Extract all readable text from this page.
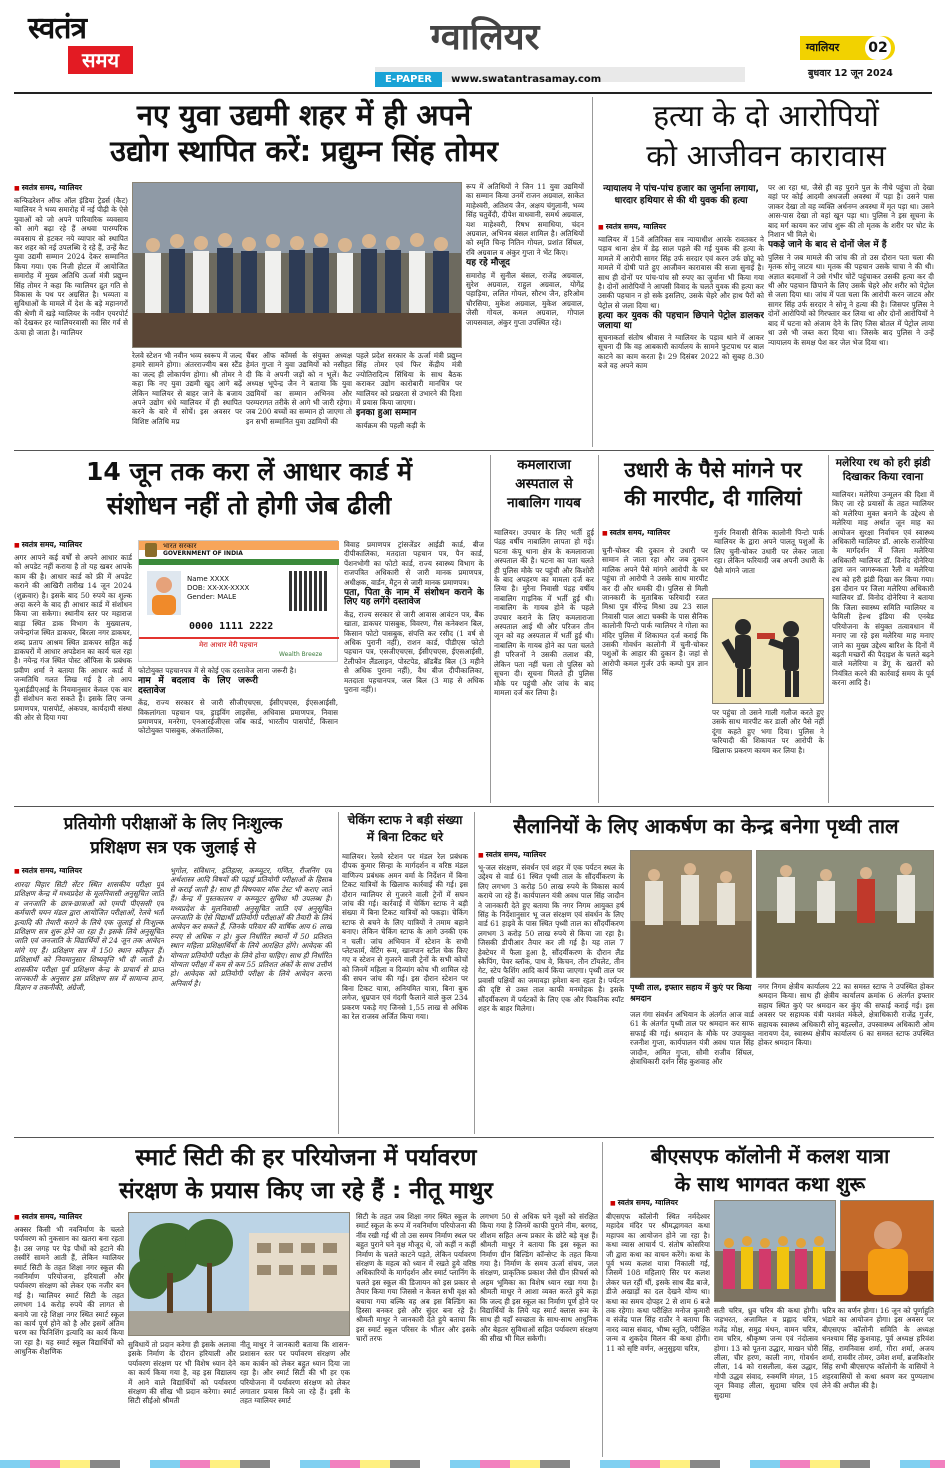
स्वतंत्र
समय
ग्वालियर
E-PAPER www.swatantrasamay.com
ग्वालियर 02
बुधवार 12 जून 2024
नए युवा उद्यमी शहर में ही अपने
उद्योग स्थापित करें: प्रद्युम्न सिंह तोमर
■ स्वतंत्र समय, ग्वालियर
कन्फिडरेशन ऑफ ऑल इंडिया ट्रेडर्स (कैट) ग्वालियर ने भव्य समारोह में नई पीढ़ी के ऐसे युवाओं को जो अपने पारिवारिक व्यवसाय को आगे बढ़ा रहे हैं अथवा पारम्परिक व्यवसाय से हटकर नये व्यापार को स्थापित कर शहर को नई उपलब्धि दे रहे हैं, उन्हें कैट युवा उद्यमी सम्मान 2024 देकर सम्मानित किया गया। एक निजी होटल में आयोजित समारोह में मुख्य अतिथि ऊर्जा मंत्री प्रद्युम्न सिंह तोमर ने कहा कि ग्वालियर द्रुत गति से विकास के पथ पर अग्रसित है। भव्यता व सुविधाओं के मामले में देश के बड़े महानगरों की श्रेणी में खड़े ग्वालियर के नवीन एयरपोर्ट को देखकर हर ग्वालियरवासी का सिर गर्व से ऊंचा हो जाता है। ग्वालियर
रेलवे स्टेशन भी नवीन भव्य स्वरूप में जल्द हमारे सामने होगा। अंतरराज्यीय बस स्टैंड का जल्द ही लोकार्पण होगा। श्री तोमर ने कहा कि नए युवा उद्यमी खुद आगे बढ़ें लेकिन ग्वालियर से बाहर जाने के बजाय अपने उद्योग धंधे ग्वालियर में ही स्थापित करने के बारे में सोचें। इस अवसर पर विशिष्ट अतिथि मप्र
चैंबर ऑफ कॉमर्स के संयुक्त अध्यक्ष हेमंत गुप्ता ने युवा उद्यमियों को नसीहत दी कि वे अपनी जड़ों को न भूलें। कैट अध्यक्ष भूपेन्द्र जैन ने बताया कि युवा उद्यमियों का सम्मान अभिनव और परम्परागत तरीके से आगे भी जारी रहेगा। जब 200 बच्चों का सम्मान हो जाएगा तो इन सभी सम्मानित युवा उद्यमियों की

पहले प्रदेश सरकार के ऊर्जा मंत्री प्रद्युम्न सिंह तोमर एवं फिर केंद्रीय मंत्री ज्योतिरादित्य सिंधिया के साथ बैठक कराकर उद्योग कारोबारी मानचित्र पर ग्वालियर को प्रखरता से उभारने की दिशा में प्रयास किया जाएगा।

इनका हुआ सम्मान

कार्यक्रम की पहली कड़ी के

रूप में अतिथियों ने जिन 11 युवा उद्यमियों का सम्मान किया उनमें राजन अग्रवाल, साकेत माहेश्वरी, अतिशय जैन, अक्षय चंगुलानी, भव्य सिंह चतुर्वेदी, दीपेश वाधवानी, समर्थ अग्रवाल, यश माहेश्वरी, रिषभ समाधिया, चंदन अग्रवाल, अभिनव बंसल शामिल है। अतिथियों को स्मृति चिन्ह नितिन गोयल, प्रशांत सिंघल, रवि अग्रवाल व अंकुर गुप्ता ने भेंट किए।

यह रहे मौजूद

समारोह में सुनील बंसल, राजेंद्र अग्रवाल, सुरेश अग्रवाल, राहुल अग्रवाल, योगेंद्र पहाड़िया, ललित गोयल, सौरभ जैन, हरिओम चौरसिया, मुकेश अग्रवाल, मुकेश अग्रवाल, जेसी गोयल, कमल अग्रवाल, गोपाल जायसवाल, अंकुर गुप्ता उपस्थित रहे।

हत्या के दो आरोपियों
को आजीवन कारावास
न्यायालय ने पांच-पांच हजार का जुर्माना लगाया, धारदार हथियार से की थी युवक की हत्या
■ स्वतंत्र समय, ग्वालियर

ग्वालियर में 15वें अतिरिक्त सत्र न्यायाधीश आरके रावतकर ने पड़ाव थाना क्षेत्र में डेढ़ साल पहले की गई युवक की हत्या के मामले में आरोपी सागर सिंह उर्फ सरदार एवं करन उर्फ छोटू को मामले में दोषी पाते हुए आजीवन कारावास की सजा सुनाई है। साथ ही दोनों पर पांच-पांच सौ रुपए का जुर्माना भी किया गया है। दोनों आरोपियों ने आपसी विवाद के चलते युवक की हत्या कर उसकी पहचान न हो सके इसलिए, उसके चेहरे और हाथ पैरों को पेट्रोल से जला दिया था।

हत्या कर युवक की पहचान छिपाने पेट्रोल डालकर जलाया था

सूचनाकर्ता संतोष श्रीवास ने ग्वालियर के पड़ाव थाने में आकर सूचना दी कि वह आबकारी कार्यालय के सामने फुटपाथ पर बाल काटने का काम करता है। 29 दिसंबर 2022 को सुबह 8.30 बजे वह अपने काम

पर आ रहा था, जैसे ही वह पुराने पुल के नीचे पहुंचा तो देखा वहां पर कोई आदमी अधजली अवस्था में पड़ा है। उसने पास जाकर देखा तो वह व्यक्ति अर्धनग्न अवस्था में मृत पड़ा था। उसने आस-पास देखा तो वहां खून पड़ा था। पुलिस ने इस सूचना के बाद मर्ग कायम कर जांच शुरू की तो मृतक के शरीर पर चोट के निशान भी मिले थे।

पकड़े जाने के बाद से दोनों जेल में हैं

पुलिस ने जब मामले की जांच की तो उस दौरान पता चला की मृतक सोनू जाटव था। मृतक की पहचान उसके चाचा ने की थी। अज्ञात बदमाशों ने उसे गंभीर चोटें पहुंचाकर उसकी हत्या कर दी थी और पहचान छिपाने के लिए उसके चेहरे और शरीर को पेट्रोल से जला दिया था। जांच में पता चला कि आरोपी करन जाटव और सागर सिंह उर्फ सरदार ने सोनू ने हत्या की है। जिसपर पुलिस ने दोनों आरोपियों को गिरफ्तार कर लिया था और दोनों आरोपियों ने बाद में घटना को अंजाम देने के लिए जिस बोतल में पेट्रोल लाया था उसे भी जब्त करा दिया था। जिसके बाद पुलिस ने उन्हें न्यायालय के समक्ष पेश कर जेल भेज दिया था।

14 जून तक करा लें आधार कार्ड में
संशोधन नहीं तो होगी जेब ढीली
■ स्वतंत्र समय, ग्वालियर
अगर आपने कई वर्षों से अपने आधार कार्ड को अपडेट नहीं कराया है तो यह खबर आपके काम की है। आधार कार्ड को फ्री में अपडेट कराने की आखिरी तारीख 14 जून 2024 (शुक्रवार) है। इसके बाद 50 रुपये का शुल्क अदा करने के बाद ही आधार कार्ड में संशोधन किया जा सकेगा। स्थानीय स्तर पर महाराज बाड़ा स्थित डाक विभाग के मुख्यालय, जयेन्द्रगंज स्थित डाकघर, बिरला नगर डाकघर, शब्द प्रताप आश्रम स्थित डाकघर सहित कई डाकघरों में आधार अपडेशन का कार्य चल रहा है। नयेन्द्र गंज स्थित पोस्ट ऑफिस के प्रबंधक प्रवीण शर्मा ने बताया कि आधार कार्ड में जन्मतिथि गलत लिख गई है तो आप यूआईडीएआई के नियमानुसार केवल एक बार ही संशोधन करा सकते हैं। इसके लिए जन्म प्रमाणपत्र, पासपोर्ट, अंकपत्र, कार्यदायी संस्था की ओर से दिया गया
भारत सरकार
GOVERNMENT OF INDIA
Name XXXX
DOB: XX-XX-XXXX
Gender: MALE
0000 1111 2222
मेरा आधार मेरी पहचान
Wealth Breeze

फोटोयुक्त पहचानपत्र में से कोई एक दस्तावेज लाना जरूरी है।

नाम में बदलाव के लिए जरूरी दस्तावेज

केंद्र, राज्य सरकार से जारी सीजीएचएस, ईसीएचएस, ईएसआईसी, विकलांगता पहचान पत्र, ड्राइविंग लाइसेंस, अधिवास प्रमाणपत्र, निवास प्रमाणपत्र, मनरेगा, एनआरईजीएस जॉब कार्ड, भारतीय पासपोर्ट, किसान फोटोयुक्त पासबुक, अंकतालिका,

विवाह प्रमाणपत्र ट्रांसजेंडर आईडी कार्ड, बीज दीपीकालिका, मतदाता पहचान पत्र, पैन कार्ड, पेंशनभोगी का फोटो कार्ड, राज्य स्वास्थ्य विभाग के राजपत्रित अधिकारी से जारी मानक प्रमाणपत्र, अधीक्षक, वार्डन, मैट्रन से जारी मानक प्रमाणपत्र।

पता, पिता के नाम में संशोधन कराने के लिए यह लगेंगे दस्तावेज

केंद्र, राज्य सरकार से जारी आवास आवंटन पत्र, बैंक खाता, डाकघर पासबुक, विवरण, गैस कनेक्शन बिल, किसान फोटो पासबुक, संपत्ति कर रसीद (1 वर्ष से अधिक पुरानी नहीं), राशन कार्ड, पीडीएस फोटो पहचान पत्र, एसजीएचएस, ईसीएचएस, ईएसआईसी, टेलीफोन लैंडलाइन, पोस्टपेड, ब्रॉडबैंड बिल (3 महीने से अधिक पुराना नहीं), वैध बीज दीपीकालिका, मतदाता पहचानपत्र, जल बिल (3 माह से अधिक पुराना नहीं)।

कमलाराजा अस्पताल से नाबालिग गायब
ग्वालियर। उपचार के लिए भर्ती हुई पंद्रह वर्षीय नाबालिग लापता हो गई। घटना कंपू थाना क्षेत्र के कमलाराजा अस्पताल की है। घटना का पता चलते ही पुलिस मौके पर पहुंची और किशोरी के बाद अपहरण का मामला दर्ज कर लिया है। मुरैना निवासी पंद्रह वर्षीय नाबालिग गाइनिक में भर्ती हुई थी। नाबालिग के गायब होने के पहले उपचार कराने के लिए कमलाराजा अस्पताल आई थी और परिजन तीन जून को वह अस्पताल में भर्ती हुई थी। नाबालिग के गायब होने का पता चलते ही परिजनों ने उसकी तलाश की, लेकिन पता नहीं चला तो पुलिस को सूचना दी। सूचना मिलते ही पुलिस मौके पर पहुंची और जांच के बाद मामला दर्ज कर लिया है।
उधारी के पैसे मांगने पर
की मारपीट, दी गालियां
■ स्वतंत्र समय, ग्वालियर	गुर्जर निवासी सैनिक कालोनी पिन्टो पार्क ग्वालियर के द्वारा अपने पालतू पशुओं के लिए चुनी-चोकर उधारी पर लेकर जाता रहा। लेकिन फरियादी जब अपनी उधारी के पैसे मांगने जाता
चुनी-चोकर की दुकान से उधारी पर सामान ले जाता रहा और जब दुकान मालिक अपने पैसे मांगने आरोपी के घर पहुंचा तो आरोपी ने उसके साथ मारपीट कर दी और धमकी दी। पुलिस से मिली जानकारी के मुताबिक फरियादी रजत मिश्रा पुत्र वीरेन्द्र मिश्रा उम्र 23 साल निवासी पाल आटा चक्की के पास सैनिक कालोनी पिन्टो पार्क ग्वालियर ने गोला का मंदिर पुलिस में शिकायत दर्ज कराई कि उसकी गोवर्धन कालोनी में चुनी-चोकर पशुओं के आहार की दुकान है। जहां से आरोपी कमल गुर्जर उर्फ कम्पो पुत्र ज्ञान सिंह
पर पहुंचा तो उसने गाली गलौज करते हुए उसके साथ मारपीट कर डाली और पैसे नहीं दूंगा कहते हुए भगा दिया। पुलिस ने फरियादी की शिकायत पर आरोपी के खिलाफ प्रकरण कायम कर लिया है।
मलेरिया रथ को हरी झंडी दिखाकर किया रवाना
ग्वालियर। मलेरिया उन्मूलन की दिशा में किए जा रहे प्रयासों के तहत ग्वालियर को मलेरिया मुक्त बनाने के उद्देश्य से मलेरिया माह अर्थात जून माह का आयोजन सुरक्षा निर्वाचन एवं स्वास्थ्य अधिकारी ग्वालियर डॉ. आरके राजोरिया के मार्गदर्शन में जिला मलेरिया अधिकारी ग्वालियर डॉ. विनोद दोनेरिया द्वारा जन जागरूकता रैली व मलेरिया रथ को हरी झंडी दिखा कर किया गया। इस दौरान पर जिला मलेरिया अधिकारी ग्वालियर डॉ. विनोद दोनेरिया ने बताया कि जिला स्वास्थ्य समिति ग्वालियर व फेमिली हेल्थ इंडिया की एनबेड परियोजना के संयुक्त तत्वावधान में मनाए जा रहे इस मलेरिया माह मनाए जाने का मुख्य उद्देश्य बारिश के दिनों में बढ़ती मच्छरों की पैदाइश के चलते बढ़ने वाले मलेरिया व डेंगू के खतरों को नियंत्रित करने की कार्रवाई समय के पूर्व करना आदि है।
प्रतियोगी परीक्षाओं के लिए निःशुल्क
प्रशिक्षण सत्र एक जुलाई से
■ स्वतंत्र समय, ग्वालियर
शारदा विहार सिटी सेंटर स्थित शासकीय परीक्षा पूर्व प्रशिक्षण केन्द्र में मध्यप्रदेश के मूलनिवासी अनुसूचित जाति व जनजाति के छात्र-छात्राओं को एमपी पीएससी एवं कर्मचारी चयन मंडल द्वारा आयोजित परीक्षाओं, रेलवे भर्ती इत्यादि की तैयारी कराने के लिये एक जुलाई से निःशुल्क प्रशिक्षण सत्र शुरू होने जा रहा है। इसके लिये अनुसूचित जाति एवं जनजाति के विद्यार्थियों से 24 जून तक आवेदन मांगे गए हैं। प्रशिक्षण सत्र में 150 स्थान स्वीकृत हैं। प्रशिक्षार्थी को नियमानुसार शिष्यवृत्ति भी दी जाती है। शासकीय परीक्षा पूर्व प्रशिक्षण केन्द्र के प्राचार्य से प्राप्त जानकारी के अनुसार इस प्रशिक्षण सत्र में सामान्य ज्ञान, विज्ञान व तकनीकी, अंग्रेजी,
भूगोल, संविधान, इतिहास, कम्प्यूटर, गणित, रीजनिंग एवं अर्थशास्त्र आदि विषयों की पढ़ाई प्रतियोगी परीक्षाओं के हिसाब से कराई जाती है। साथ ही विषयवार मॉक टेस्ट भी कराए जाते हैं। केन्द्र में पुस्तकालय व कम्प्यूटर सुविधा भी उपलब्ध है। मध्यप्रदेश के मूलनिवासी अनुसूचित जाति एवं अनुसूचित जनजाति के ऐसे विद्यार्थी प्रतियोगी परीक्षाओं की तैयारी के लिये आवेदन कर सकते हैं, जिनके परिवार की वार्षिक आय 6 लाख रुपए से अधिक न हो। कुल निर्धारित स्थानों में 50 प्रतिशत स्थान महिला प्रशिक्षार्थियों के लिये आरक्षित होंगे। आवेदक की योग्यता प्रतियोगी परीक्षा के लिये होना चाहिए। साथ ही निर्धारित योग्यता परीक्षा में कम से कम 55 प्रतिशत अंकों के साथ उत्तीर्ण हो। आवेदक को प्रतियोगी परीक्षा के लिये आवेदन करना अनिवार्य है।
चेकिंग स्टाफ ने बड़ी संख्या में बिना टिकट धरे
ग्वालियर। रेलवे स्टेशन पर मंडल रेल प्रबंधक दीपक कुमार सिन्हा के मार्गदर्शन व वरिष्ठ मंडल वाणिज्य प्रबंधक अमन वर्मा के निर्देशन में बिना टिकट यात्रियों के खिलाफ कार्रवाई की गई। इस दौरान ग्वालियर से गुजरने वाली ट्रेनों में सघन जांच की गई। कार्रवाई में चेकिंग स्टाफ ने बड़ी संख्या में बिना टिकट यात्रियों को पकड़ा। चेकिंग स्टाफ से बचने के लिए यात्रियों ने तमाम बहाने बनाए। लेकिन चेकिंग स्टाफ के आगे उनकी एक न चली। जांच अभियान में स्टेशन के सभी प्लेटफार्म, वेटिंग रूम, खानपान स्टॉल चेक किए गए व स्टेशन से गुजरने वाली ट्रेनों के सभी कोचों को जिनमें महिला व दिव्यांग कोच भी शामिल रहे की सघन जांच की गई। इस दौरान स्टेशन पर बिना टिकट यात्रा, अनियमित यात्रा, बिना बुक लगेज, धूम्रपान एवं गंदगी फैलाने वाले कुल 234 प्रकरण पकड़े गए जिनसे 1,55 लाख से अधिक का रेल राजस्व अर्जित किया गया।
सैलानियों के लिए आकर्षण का केन्द्र बनेगा पृथ्वी ताल
■ स्वतंत्र समय, ग्वालियर
भू-जल संरक्षण, संवर्धन एवं शहर में एक पर्यटन स्थल के उद्देश्य से वार्ड 61 स्थित पृथ्वी ताल के सौंदर्यीकरण के लिए लगभग 3 करोड़ 50 लाख रुपये के विकास कार्य कराये जा रहे हैं। कार्यपालन यंत्री अवध पाल सिंह जादौन ने जानकारी देते हुए बताया कि नगर निगम आयुक्त हर्ष सिंह के निर्देशानुसार भू जल संरक्षण एवं संवर्धन के लिए वार्ड 61 हाइवे के पास स्थित पृथ्वी ताल का सौंदर्यीकरण लगभग 3 करोड़ 50 लाख रुपये से किया जा रहा है। जिसकी डीपीआर तैयार कर ली गई है। यह ताल 7 हेक्टेयर में फैला हुआ है, सौंदर्यीकरण के दौरान लैंड स्कैपिंग, पेवर ब्लॉक, पाथ वे, किचन, तौन टॉयलेट, तीन गेट, स्टेप फैशिंग आदि कार्य किया जाएगा। पृथ्वी ताल पर प्रवासी पक्षियों का जमावड़ा हमेशा बना रहता है। पर्यटन की दृष्टि से उक्त ताल काफी मनमोहक है। इसके सौंदर्यीकरण में पर्यटकों के लिए एक और पिकनिक स्पॉट शहर के बाहर मिलेगा।
पृथ्वी ताल, इफ्तार सहाय में कुएं पर किया श्रमदान
जल गंगा संवर्धन अभियान के अंतर्गत आज वार्ड 61 के अंतर्गत पृथ्वी ताल पर श्रमदान कर साफ सफाई की गई। श्रमदान के मौके पर उपायुक्त रजनीश गुप्ता, कार्यपालन यंत्री अवध पाल सिंह जादौन, अमित गुप्ता, सौमी राजीव सिंघल, क्षेत्राधिकारी दर्शन सिंह कुशवाह और
नगर निगम क्षेत्रीय कार्यालय 22 का समस्त स्टाफ ने उपस्थित होकर श्रमदान किया। साथ ही क्षेत्रीय कार्यालय क्रमांक 6 अंतर्गत इफ्तार सहाय स्थित कुएं पर श्रमदान कर कुंए की सफाई कराई गई। इस अवसर पर सहायक यंत्री यशवंत मंकेले, क्षेत्राधिकारी राजेंद्र गुर्जर, सहायक स्वास्थ्य अधिकारी सोनू बहल्लौत, उपस्वास्थ्य अधिकारी ओम नारायण देव, स्वास्थ्य क्षेत्रीय कार्यालय 6 का समस्त स्टाफ उपस्थित होकर श्रमदान किया।
स्मार्ट सिटी की हर परियोजना में पर्यावरण
संरक्षण के प्रयास किए जा रहे हैं : नीतू माथुर
■ स्वतंत्र समय, ग्वालियर
अक्सर किसी भी नवनिर्माण के चलते पर्यावरण को नुकसान का खतरा बना रहता है। उस जगह पर पेड़ पौधों को हटाने की तस्वीरें सामने आती हैं, लेकिन ग्वालियर स्मार्ट सिटी के तहत शिक्षा नगर स्कूल की नवनिर्माण परियोजना, हरियाली और पर्यावरण संरक्षण को लेकर एक नजीर बन गई है। ग्वालियर स्मार्ट सिटी के तहत लगभग 14 करोड़ रुपये की लागत से बनाये जा रहे शिक्षा नगर स्थित स्मार्ट स्कूल का कार्य पूर्ण होने को है और इसमें अंतिम चरण का फिनिशिंग इत्यादि का कार्य किया जा रहा है। यह स्मार्ट स्कूल विद्यार्थियों को आधुनिक शैक्षणिक
सुविधायें तो प्रदान करेगा ही इसके अलावा इसके निर्माण के दौरान हरियाली और पर्यावरण संरक्षण पर भी विशेष ध्यान देने का कार्य किया गया है, वह इस विद्यालय में आने वाले विद्यार्थियों को पर्यावरण संरक्षण की सीख भी प्रदान करेगा। स्मार्ट सिटी सीईओ श्रीमती
नीतू माथुर ने जानकारी बताया कि शासन-प्रशासन स्तर पर पर्यावरण संरक्षण और कम कार्बन को लेकर बहुत ध्यान दिया जा रहा है। और स्मार्ट सिटी की भी हर एक परियोजना में पर्यावरण संरक्षण को लेकर लगातार प्रयास किये जा रहे हैं। इसी के तहत ग्वालियर स्मार्ट
सिटी के तहत जब शिक्षा नगर स्थित स्कूल के स्मार्ट स्कूल के रूप में नवनिर्माण परियोजना की नींव रखी गई थी तो उस समय निर्माण स्थल पर बहुत पुराने घने वृक्ष मौजूद थे, जो कहीं न कहीं निर्माण के चलते काटने पड़ते, लेकिन पर्यावरण संरक्षण के महत्व को ध्यान में रखते हुये वरिष्ठ अधिकारियों के मार्गदर्शन और स्मार्ट प्लानिंग के चलते इस स्कूल की डिजायन को इस प्रकार से तैयार किया गया जिससे न केवल सभी वृक्ष को बचाया गया बल्कि वह अब इस बिल्डिंग का हिस्सा बनकर इसे और सुंदर बना रहे हैं। श्रीमती माथुर ने जानकारी देते हुये बताया कि इस स्मार्ट स्कूल परिसर के भीतर और इसके चारों तरफ
लगभग 50 से अधिक घने वृक्षों को संरक्षित किया गया है जिनमें काफी पुराने नीम, बरगद, शीशम सहित अन्य प्रकार के छोटे बड़े वृक्ष हैं। श्रीमती माथुर ने बताया कि इस स्कूल का निर्माण ग्रीन बिल्डिंग कॉन्सेप्ट के तहत किया गया है। निर्माण के समय ऊर्जा संचय, जल संरक्षण, प्राकृतिक प्रकाश जैसे ग्रीन फ़ीचर्स को अहम भूमिका का विशेष ध्यान रखा गया है। श्रीमती माथुर ने आशा व्यक्त करते हुये कहा कि जल्द ही इस स्कूल का निर्माण पूर्ण होने पर विद्यार्थियों के लिये यह स्मार्ट क्लास रूम के साथ ही यहाँ स्वच्छता के साथ-साथ आधुनिक और बेहतर सुविधाओं सहित पर्यावरण संरक्षण की सीख भी मिल सकेगी।
बीएसएफ कॉलोनी में कलश यात्रा
के साथ भागवत कथा शुरू
■ स्वतंत्र समय, ग्वालियर
बीएसएफ कॉलोनी स्थित नर्मदेश्वर महादेव मंदिर पर श्रीमद्भागवत कथा महापव का आयोजन होने जा रहा है। कथा व्यास आचार्य पं. संतोष कोसरिया जी द्वारा कथा का वाचन करेंगे। कथा के पूर्व भव्य कलश यात्रा निकाली गई, जिसमें 108 महिलाएं सिर पर कलश लेकर चल रहीं थीं, इसके साथ बैंड बाजे, डीजे अखाड़ों का दल देखने योग्य था। कथा का समय दोपहर 2 से शाम 6 बजे तक रहेगा। कथा परीक्षित मनोज कुमारी व संजेंद्र पाल सिंह राठौर ने बताया कि नारद व्यास संवाद, भीष्म स्तुति, परीक्षित जन्म व शुकदेव मिलन की कथा होगी। 11 को सृष्टि वर्णन, अनुसुइया चरित्र,
सती चरित्र, ध्रुव चरित्र की कथा होगी। जड़भरत, अजामिल व प्रह्लाद चरित्र, गजेंद्र मोक्ष, समुद्र मंथन, वामन चरित्र, राम चरित्र, श्रीकृष्ण जन्म एवं नंदोत्सव होगा। 13 को पूतना उद्धार, माखन चोरी लीला, चीर हरण, काली नाग, गोवर्धन लीला, 14 को रासलीला, कंस उद्धार, गोपी उद्धव संवाद, रुक्मणि मंगल, 15 जून विवाह लीला, सुदामा चरित्र एवं सुदामा
चरित्र का वर्णन होगा। 16 जून को पूर्णाहुति भंडारे का आयोजन होगा। इस अवसर पर बीएसएफ कॉलोनी समिति के अध्यक्ष धनश्याम सिंह कुशवाह, पूर्व अध्यक्ष हरिवंश सिंह, रामनिवास शर्मा, गौरा शर्मा, अजय शर्मा, रामवीर तोमर, उमेश शर्मा, ब्रजकिशोर सिंह सभी बीएसएफ कॉलोनी के वासियों ने शहरवासियों से कथा श्रवण कर पुण्यलाभ लेने की अपील की है।
